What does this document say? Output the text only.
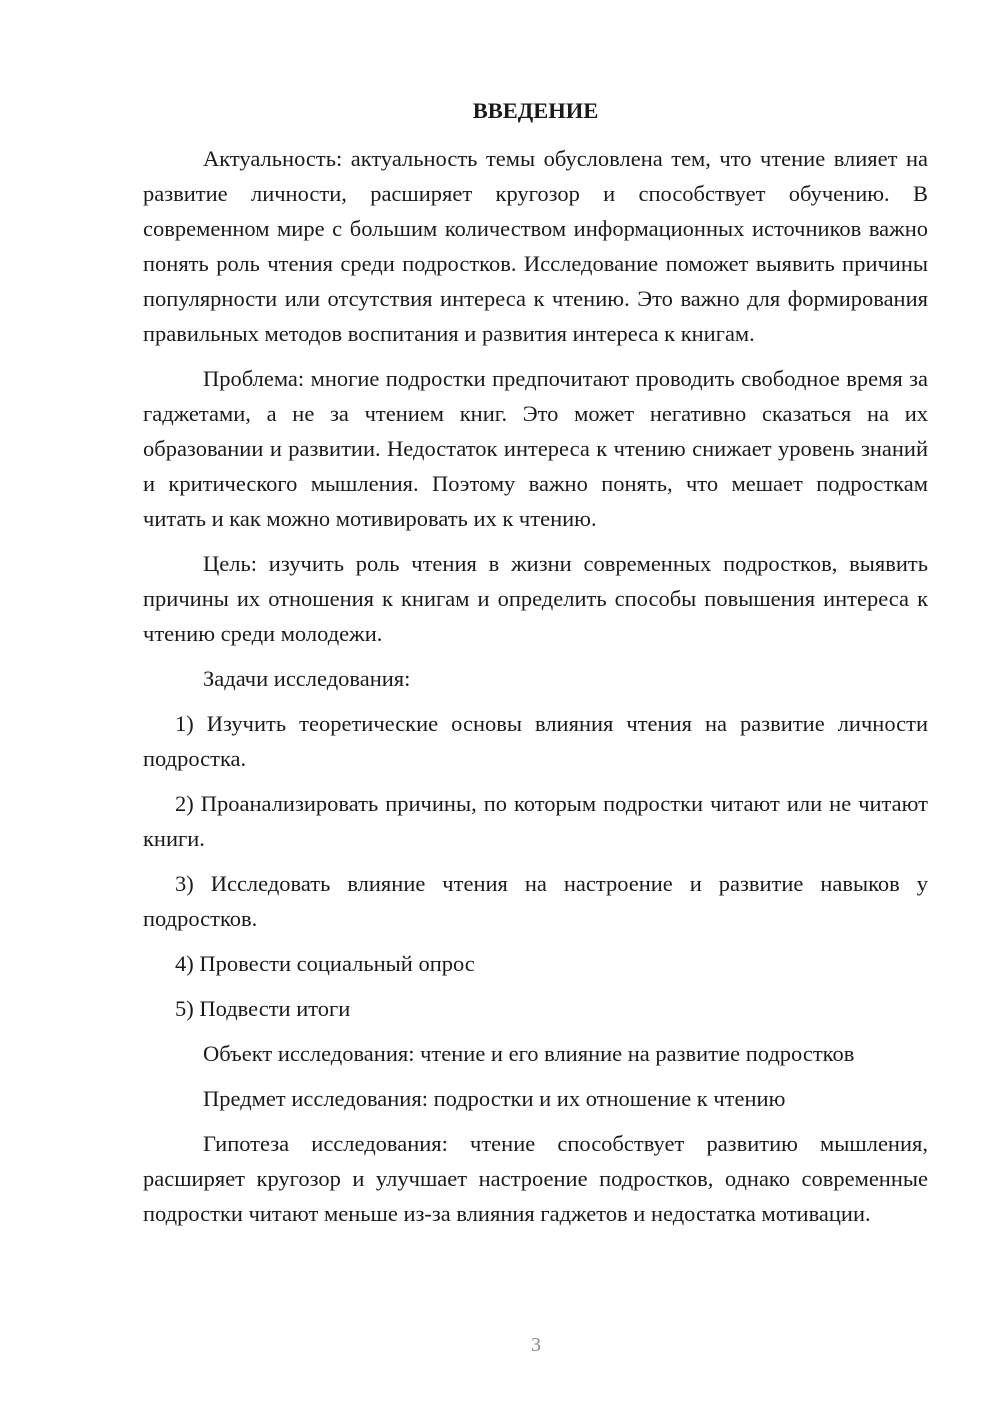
ВВЕДЕНИЕ

Актуальность: актуальность темы обусловлена тем, что чтение влияет на развитие личности, расширяет кругозор и способствует обучению. В современном мире с большим количеством информационных источников важно понять роль чтения среди подростков. Исследование поможет выявить причины популярности или отсутствия интереса к чтению. Это важно для формирования правильных методов воспитания и развития интереса к книгам.

Проблема: многие подростки предпочитают проводить свободное время за гаджетами, а не за чтением книг. Это может негативно сказаться на их образовании и развитии. Недостаток интереса к чтению снижает уровень знаний и критического мышления. Поэтому важно понять, что мешает подросткам читать и как можно мотивировать их к чтению.

Цель: изучить роль чтения в жизни современных подростков, выявить причины их отношения к книгам и определить способы повышения интереса к чтению среди молодежи.

Задачи исследования:

1) Изучить теоретические основы влияния чтения на развитие личности подростка.

2) Проанализировать причины, по которым подростки читают или не читают книги.

3) Исследовать влияние чтения на настроение и развитие навыков у подростков.

4) Провести социальный опрос

5) Подвести итоги

Объект исследования: чтение и его влияние на развитие подростков

Предмет исследования: подростки и их отношение к чтению

Гипотеза исследования: чтение способствует развитию мышления, расширяет кругозор и улучшает настроение подростков, однако современные подростки читают меньше из-за влияния гаджетов и недостатка мотивации.

3
